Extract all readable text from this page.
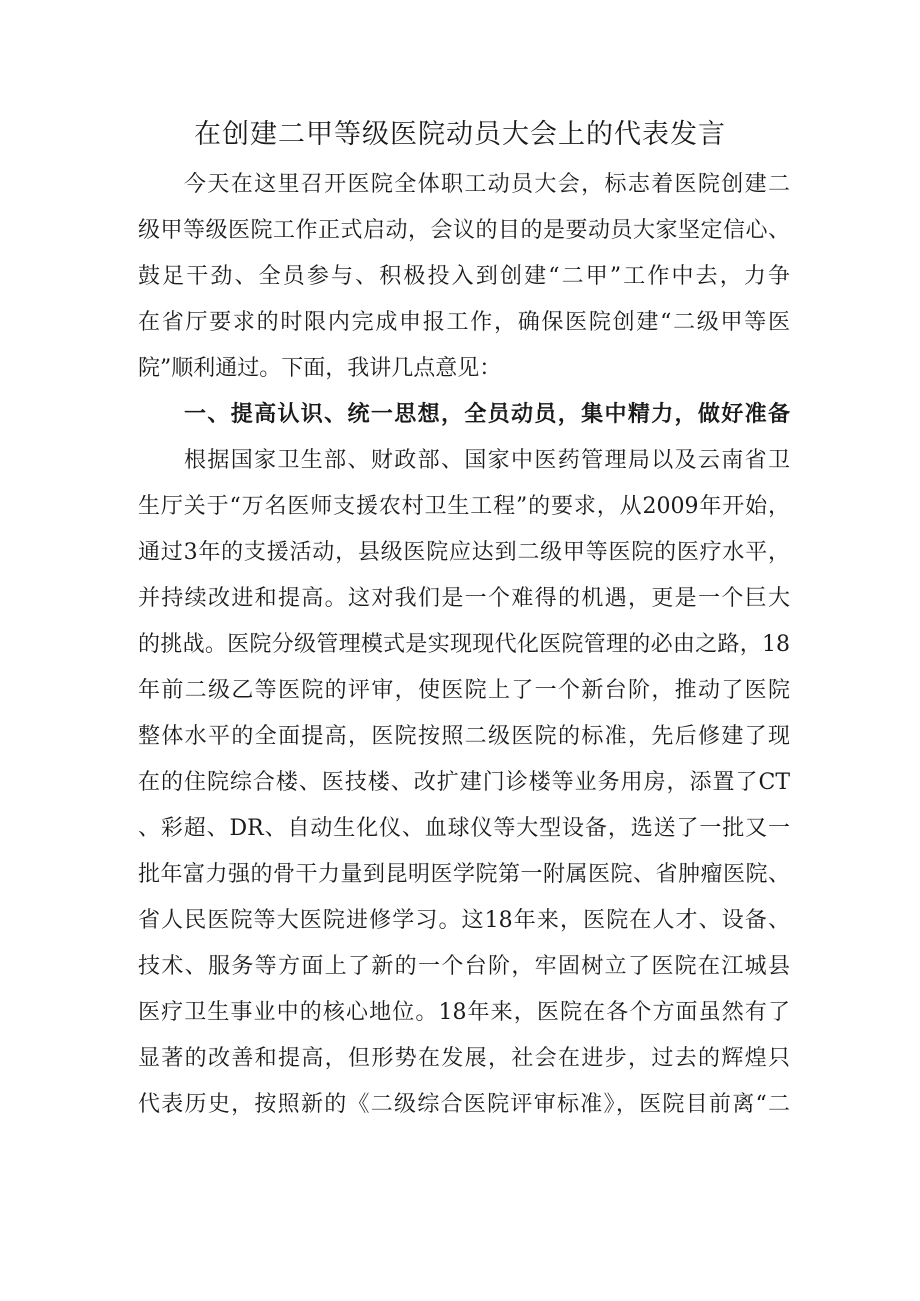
在创建二甲等级医院动员大会上的代表发言
今天在这里召开医院全体职工动员大会，标志着医院创建二
级甲等级医院工作正式启动，会议的目的是要动员大家坚定信心、
鼓足干劲、全员参与、积极投入到创建“二甲”工作中去，力争
在省厅要求的时限内完成申报工作，确保医院创建“二级甲等医
院”顺利通过。下面，我讲几点意见：
一、提高认识、统一思想，全员动员，集中精力，做好准备
根据国家卫生部、财政部、国家中医药管理局以及云南省卫
生厅关于“万名医师支援农村卫生工程”的要求，从2009年开始，
通过3年的支援活动，县级医院应达到二级甲等医院的医疗水平，
并持续改进和提高。这对我们是一个难得的机遇，更是一个巨大
的挑战。医院分级管理模式是实现现代化医院管理的必由之路，18
年前二级乙等医院的评审，使医院上了一个新台阶，推动了医院
整体水平的全面提高，医院按照二级医院的标准，先后修建了现
在的住院综合楼、医技楼、改扩建门诊楼等业务用房，添置了CT
、彩超、DR、自动生化仪、血球仪等大型设备，选送了一批又一
批年富力强的骨干力量到昆明医学院第一附属医院、省肿瘤医院、
省人民医院等大医院进修学习。这18年来，医院在人才、设备、
技术、服务等方面上了新的一个台阶，牢固树立了医院在江城县
医疗卫生事业中的核心地位。18年来，医院在各个方面虽然有了
显著的改善和提高，但形势在发展，社会在进步，过去的辉煌只
代表历史，按照新的《二级综合医院评审标准》，医院目前离“二
